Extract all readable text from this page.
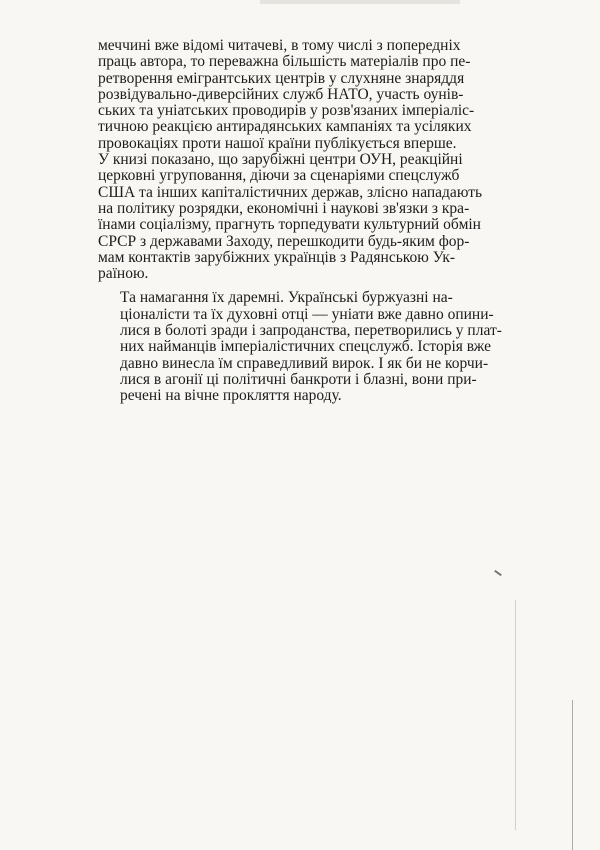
меччині вже відомі читачеві, в тому числі з попередніх
праць автора, то переважна більшість матеріалів про пе-
ретворення емігрантських центрів у слухняне знаряддя
розвідувально-диверсійних служб НАТО, участь оунів-
ських та уніатських проводирів у розв'язаних імперіаліс-
тичною реакцією антирадянських кампаніях та усіляких
провокаціях проти нашої країни публікується вперше.
У книзі показано, що зарубіжні центри ОУН, реакційні
церковні угруповання, діючи за сценаріями спецслужб
США та інших капіталістичних держав, злісно нападають
на політику розрядки, економічні і наукові зв'язки з кра-
їнами соціалізму, прагнуть торпедувати культурний обмін
СРСР з державами Заходу, перешкодити будь-яким фор-
мам контактів зарубіжних українців з Радянською Ук-
раїною.

Та намагання їх даремні. Українські буржуазні на-
ціоналісти та їх духовні отці — уніати вже давно опини-
лися в болоті зради і запроданства, перетворились у плат-
них найманців імперіалістичних спецслужб. Історія вже
давно винесла їм справедливий вирок. І як би не корчи-
лися в агонії ці політичні банкроти і блазні, вони при-
речені на вічне прокляття народу.
